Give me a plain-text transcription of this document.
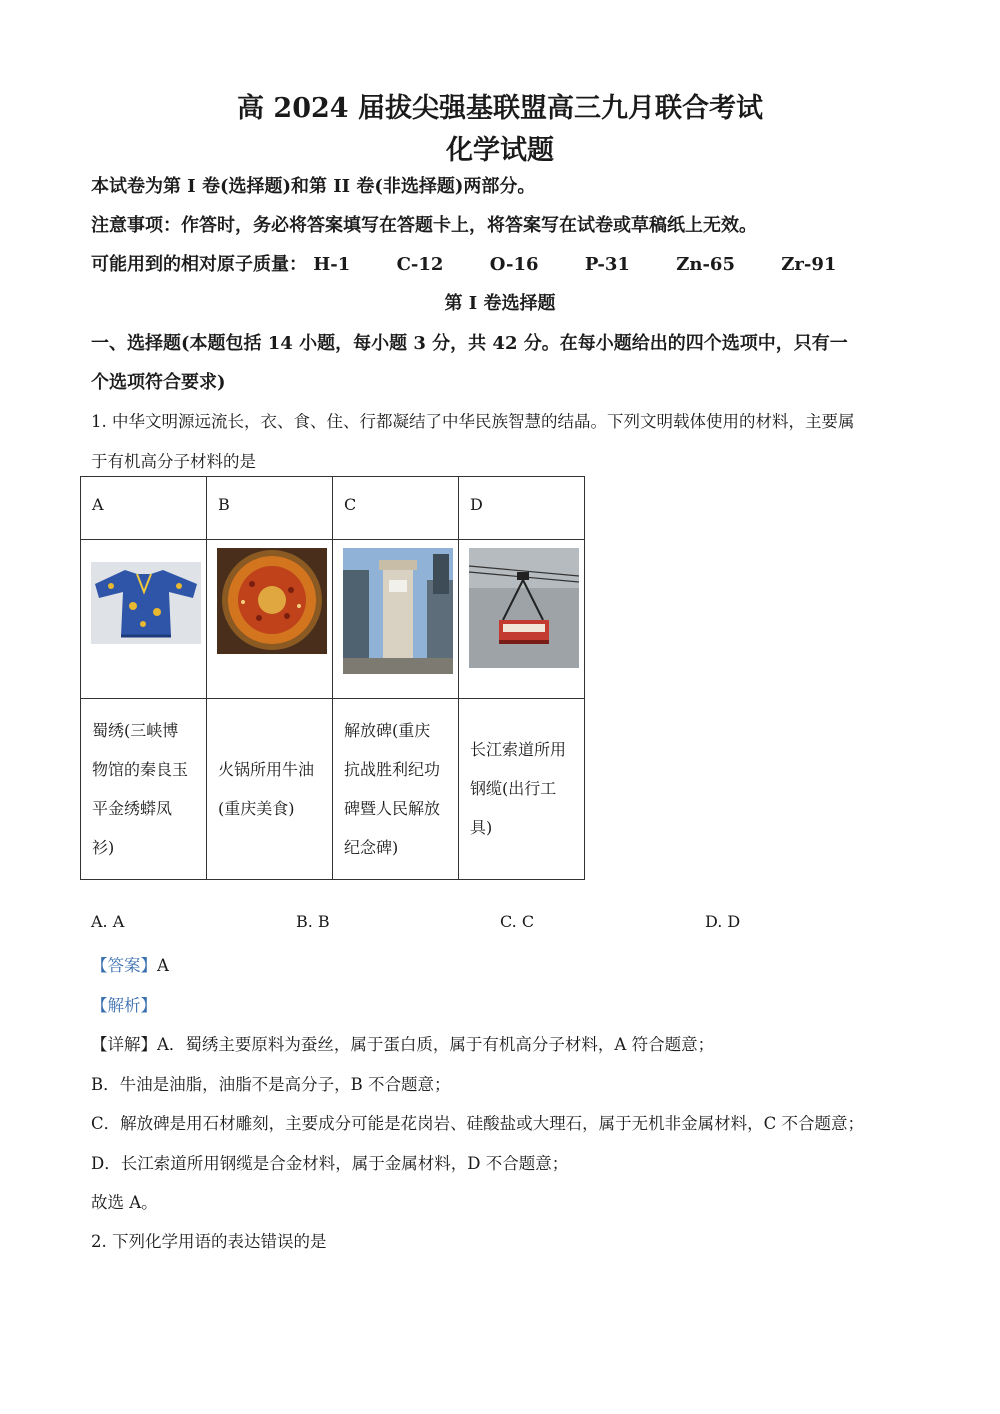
高 2024 届拔尖强基联盟高三九月联合考试
化学试题
本试卷为第 I 卷(选择题)和第 II 卷(非选择题)两部分。
注意事项：作答时，务必将答案填写在答题卡上，将答案写在试卷或草稿纸上无效。
可能用到的相对原子质量： H-1	C-12	O-16	P-31	Zn-65	Zr-91
第 I 卷选择题
一、选择题(本题包括 14 小题，每小题 3 分，共 42 分。在每小题给出的四个选项中，只有一
个选项符合要求)
1. 中华文明源远流长，衣、食、住、行都凝结了中华民族智慧的结晶。下列文明载体使用的材料，主要属
于有机高分子材料的是
A	B	C	D

蜀绣(三峡博
物馆的秦良玉
平金绣蟒凤
衫)	火锅所用牛油
(重庆美食)	解放碑(重庆
抗战胜利纪功
碑暨人民解放
纪念碑)	长江索道所用
钢缆(出行工
具)
A. A	B. B	C. C	D. D
【答案】A
【解析】
【详解】A．蜀绣主要原料为蚕丝，属于蛋白质，属于有机高分子材料，A 符合题意；
B．牛油是油脂，油脂不是高分子，B 不合题意；
C．解放碑是用石材雕刻，主要成分可能是花岗岩、硅酸盐或大理石，属于无机非金属材料，C 不合题意；
D．长江索道所用钢缆是合金材料，属于金属材料，D 不合题意；
故选 A。
2. 下列化学用语的表达错误的是
